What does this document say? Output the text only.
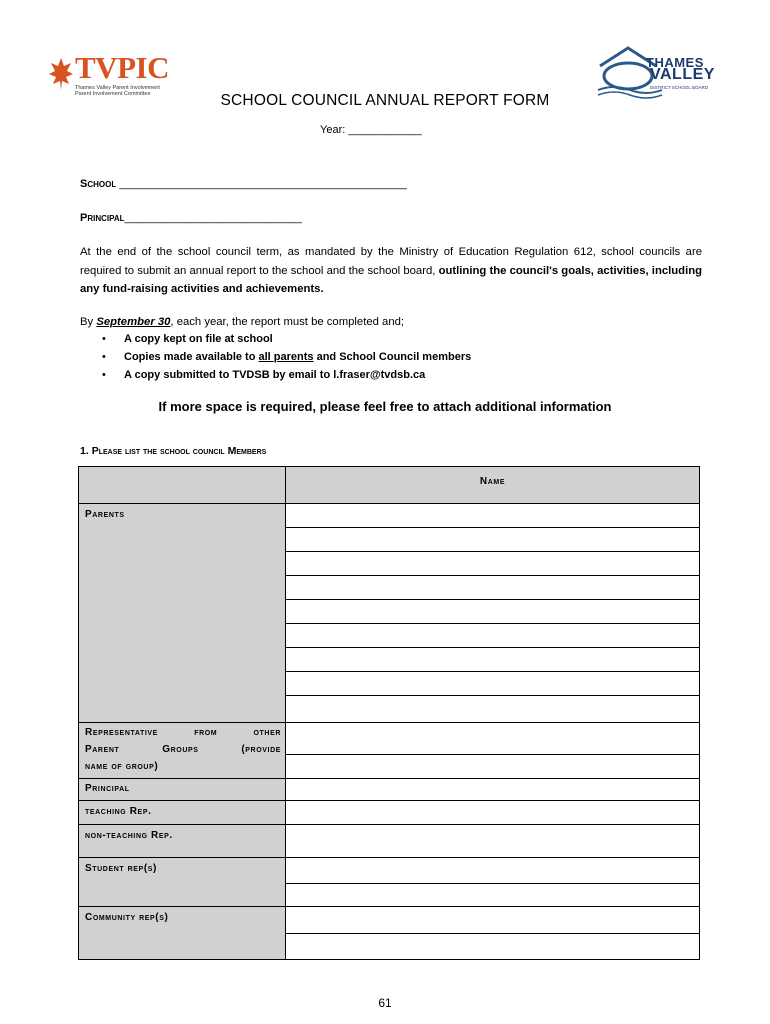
TVPIC
Thames Valley Parent Involvement
Parent Involvement Committee
THAMES
VALLEY
DISTRICT SCHOOL BOARD
SCHOOL COUNCIL ANNUAL REPORT FORM
Year: ____________
School _______________________________________________
Principal_____________________________
At the end of the school council term, as mandated by the Ministry of Education Regulation 612, school councils are required to submit an annual report to the school and the school board, outlining the council's goals, activities, including any fund-raising activities and achievements.
By September 30, each year, the report must be completed and;
• A copy kept on file at school
• Copies made available to all parents and School Council members
• A copy submitted to TVDSB by email to l.fraser@tvdsb.ca
If more space is required, please feel free to attach additional information
1. Please list the school council Members
Name
Parents
Representative from other
Parent Groups (provide
name of group)
Principal
teaching Rep.
non-teaching Rep.
Student rep(s)
Community rep(s)
61
